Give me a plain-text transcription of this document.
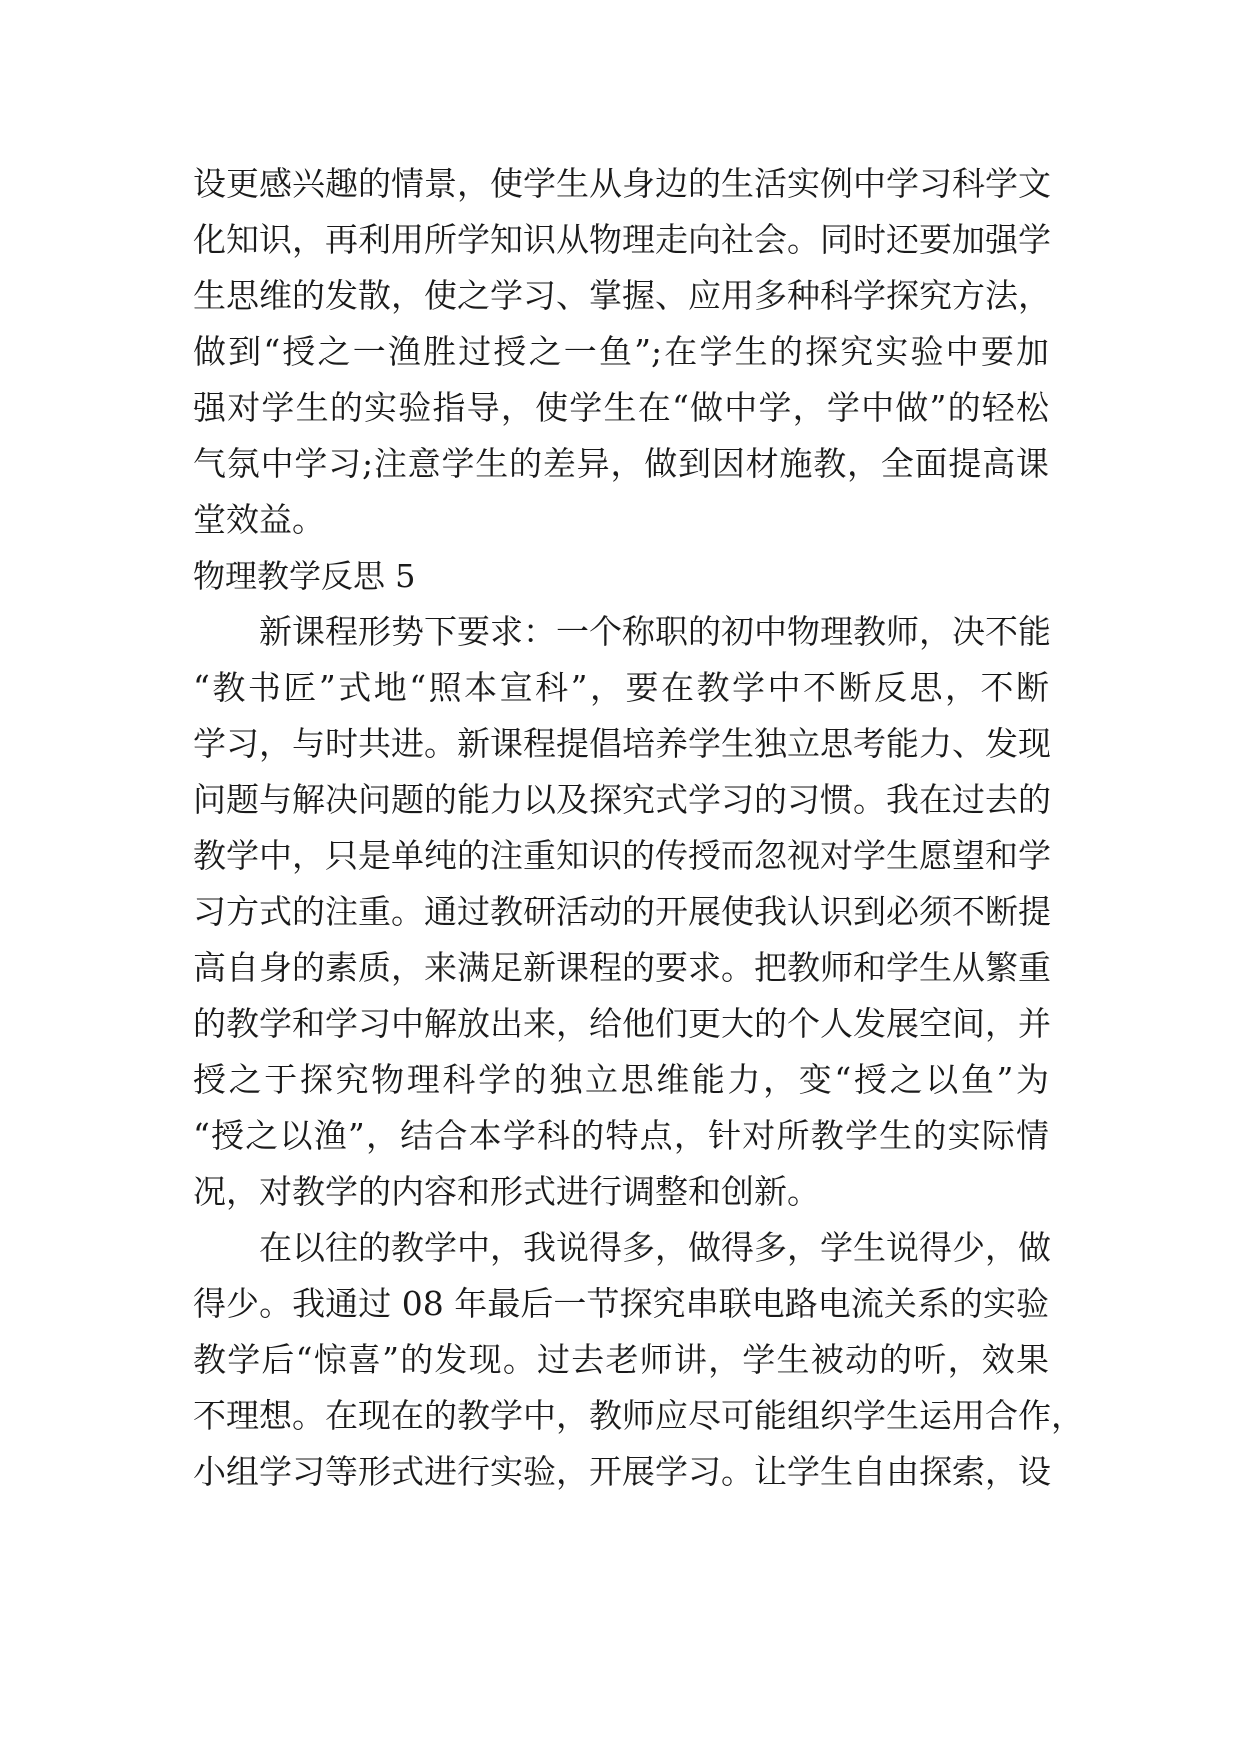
设更感兴趣的情景，使学生从身边的生活实例中学习科学文
化知识，再利用所学知识从物理走向社会。同时还要加强学
生思维的发散，使之学习、掌握、应用多种科学探究方法，
做到“授之一渔胜过授之一鱼”;在学生的探究实验中要加
强对学生的实验指导，使学生在“做中学，学中做”的轻松
气氛中学习;注意学生的差异，做到因材施教，全面提高课
堂效益。
物理教学反思 5
　　新课程形势下要求：一个称职的初中物理教师，决不能
“教书匠”式地“照本宣科”，要在教学中不断反思，不断
学习，与时共进。新课程提倡培养学生独立思考能力、发现
问题与解决问题的能力以及探究式学习的习惯。我在过去的
教学中，只是单纯的注重知识的传授而忽视对学生愿望和学
习方式的注重。通过教研活动的开展使我认识到必须不断提
高自身的素质，来满足新课程的要求。把教师和学生从繁重
的教学和学习中解放出来，给他们更大的个人发展空间，并
授之于探究物理科学的独立思维能力，变“授之以鱼”为
“授之以渔”，结合本学科的特点，针对所教学生的实际情
况，对教学的内容和形式进行调整和创新。
　　在以往的教学中，我说得多，做得多，学生说得少，做
得少。我通过 08 年最后一节探究串联电路电流关系的实验
教学后“惊喜”的发现。过去老师讲，学生被动的听，效果
不理想。在现在的教学中，教师应尽可能组织学生运用合作，
小组学习等形式进行实验，开展学习。让学生自由探索，设
